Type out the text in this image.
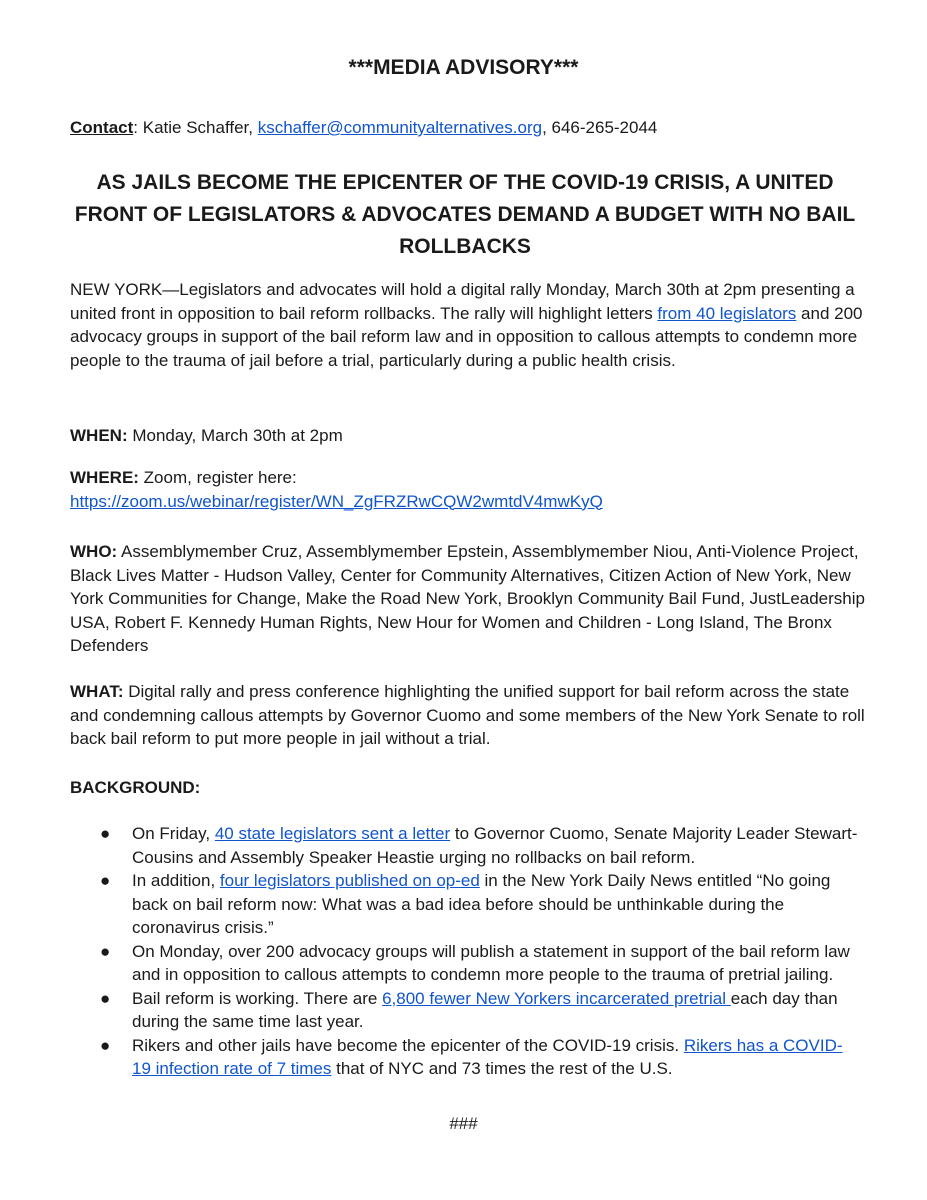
***MEDIA ADVISORY***
Contact: Katie Schaffer, kschaffer@communityalternatives.org, 646-265-2044
AS JAILS BECOME THE EPICENTER OF THE COVID-19 CRISIS, A UNITED FRONT OF LEGISLATORS & ADVOCATES DEMAND A BUDGET WITH NO BAIL ROLLBACKS
NEW YORK—Legislators and advocates will hold a digital rally Monday, March 30th at 2pm presenting a united front in opposition to bail reform rollbacks. The rally will highlight letters from 40 legislators and 200 advocacy groups in support of the bail reform law and in opposition to callous attempts to condemn more people to the trauma of jail before a trial, particularly during a public health crisis.
WHEN: Monday, March 30th at 2pm
WHERE: Zoom, register here:
https://zoom.us/webinar/register/WN_ZgFRZRwCQW2wmtdV4mwKyQ
WHO: Assemblymember Cruz, Assemblymember Epstein, Assemblymember Niou, Anti-Violence Project, Black Lives Matter - Hudson Valley, Center for Community Alternatives, Citizen Action of New York, New York Communities for Change, Make the Road New York, Brooklyn Community Bail Fund, JustLeadership USA, Robert F. Kennedy Human Rights, New Hour for Women and Children - Long Island, The Bronx Defenders
WHAT: Digital rally and press conference highlighting the unified support for bail reform across the state and condemning callous attempts by Governor Cuomo and some members of the New York Senate to roll back bail reform to put more people in jail without a trial.
BACKGROUND:
● On Friday, 40 state legislators sent a letter to Governor Cuomo, Senate Majority Leader Stewart-Cousins and Assembly Speaker Heastie urging no rollbacks on bail reform.
● In addition, four legislators published on op-ed in the New York Daily News entitled “No going back on bail reform now: What was a bad idea before should be unthinkable during the coronavirus crisis.”
● On Monday, over 200 advocacy groups will publish a statement in support of the bail reform law and in opposition to callous attempts to condemn more people to the trauma of pretrial jailing.
● Bail reform is working. There are 6,800 fewer New Yorkers incarcerated pretrial each day than during the same time last year.
● Rikers and other jails have become the epicenter of the COVID-19 crisis. Rikers has a COVID-19 infection rate of 7 times that of NYC and 73 times the rest of the U.S.
###
